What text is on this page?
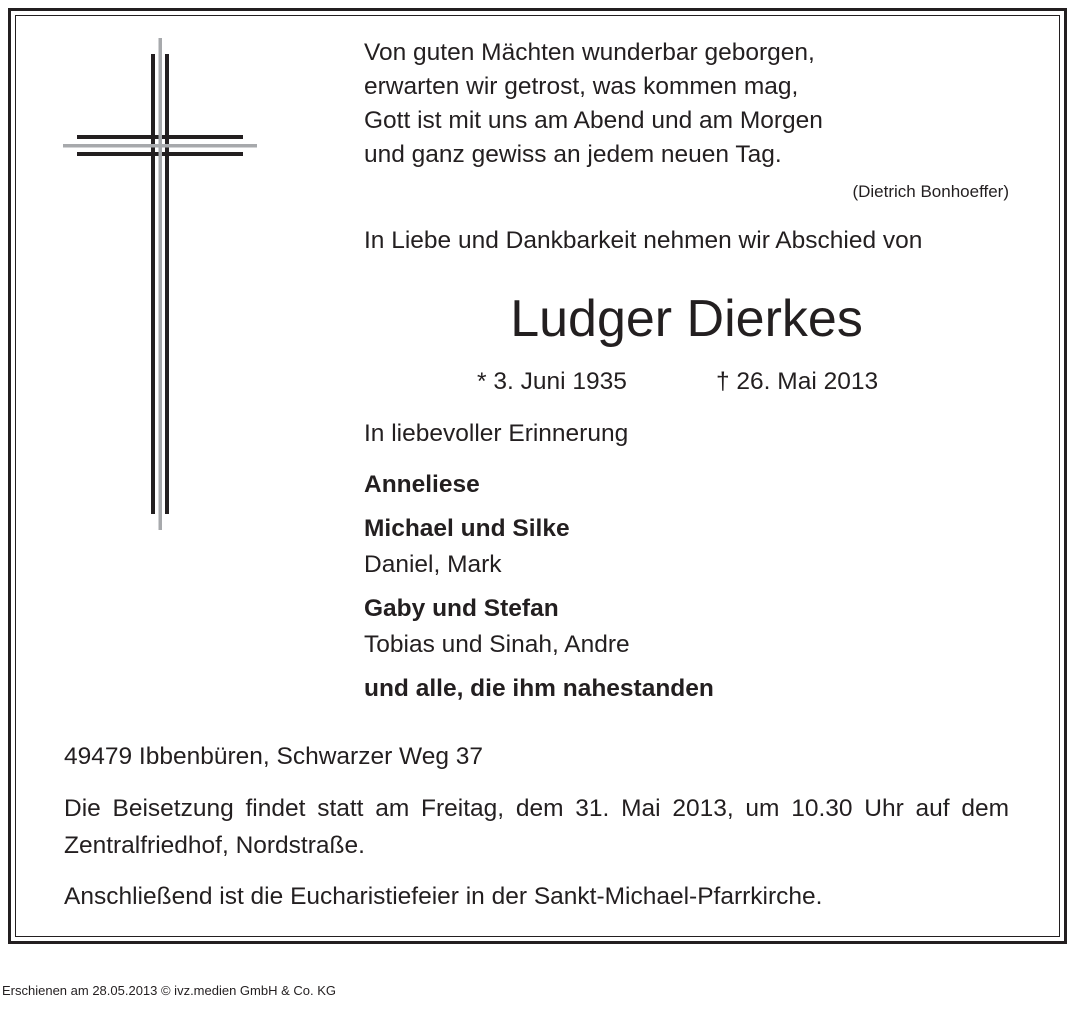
Von guten Mächten wunderbar geborgen,
erwarten wir getrost, was kommen mag,
Gott ist mit uns am Abend und am Morgen
und ganz gewiss an jedem neuen Tag.
(Dietrich Bonhoeffer)
In Liebe und Dankbarkeit nehmen wir Abschied von
Ludger Dierkes
* 3. Juni 1935	† 26. Mai 2013
In liebevoller Erinnerung
Anneliese
Michael und Silke
Daniel, Mark
Gaby und Stefan
Tobias und Sinah, Andre
und alle, die ihm nahestanden
49479 Ibbenbüren, Schwarzer Weg 37
Die Beisetzung findet statt am Freitag, dem 31. Mai 2013, um 10.30 Uhr auf dem Zentralfriedhof, Nordstraße.
Anschließend ist die Eucharistiefeier in der Sankt-Michael-Pfarrkirche.
Erschienen am 28.05.2013 © ivz.medien GmbH & Co. KG
